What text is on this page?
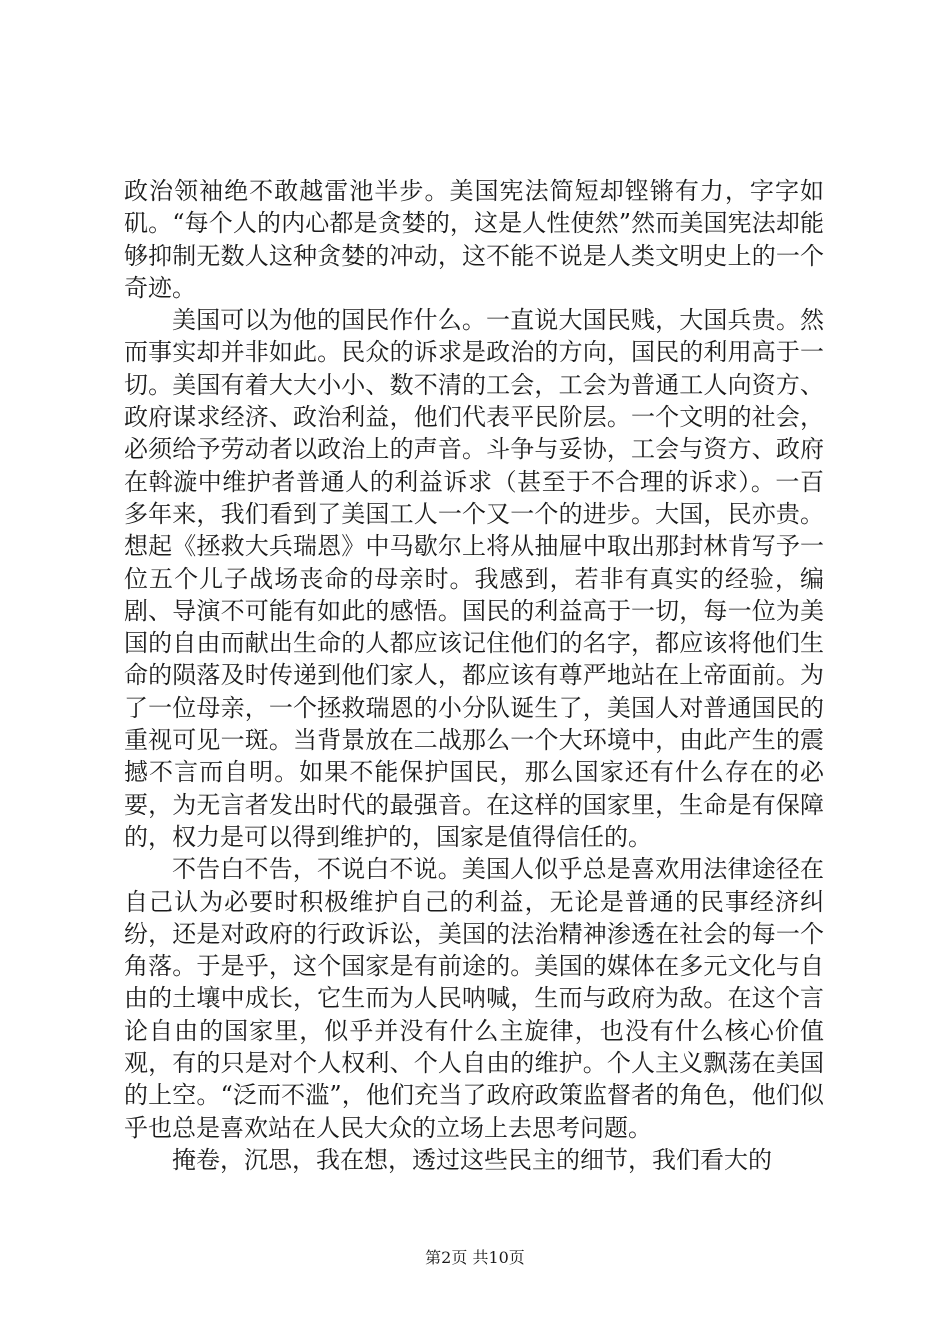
政治领袖绝不敢越雷池半步。美国宪法简短却铿锵有力，字字如矶。“每个人的内心都是贪婪的，这是人性使然”然而美国宪法却能够抑制无数人这种贪婪的冲动，这不能不说是人类文明史上的一个奇迹。

美国可以为他的国民作什么。一直说大国民贱，大国兵贵。然而事实却并非如此。民众的诉求是政治的方向，国民的利用高于一切。美国有着大大小小、数不清的工会，工会为普通工人向资方、政府谋求经济、政治利益，他们代表平民阶层。一个文明的社会，必须给予劳动者以政治上的声音。斗争与妥协，工会与资方、政府在斡漩中维护者普通人的利益诉求（甚至于不合理的诉求）。一百多年来，我们看到了美国工人一个又一个的进步。大国，民亦贵。想起《拯救大兵瑞恩》中马歇尔上将从抽屉中取出那封林肯写予一位五个儿子战场丧命的母亲时。我感到，若非有真实的经验，编剧、导演不可能有如此的感悟。国民的利益高于一切，每一位为美国的自由而献出生命的人都应该记住他们的名字，都应该将他们生命的陨落及时传递到他们家人，都应该有尊严地站在上帝面前。为了一位母亲，一个拯救瑞恩的小分队诞生了，美国人对普通国民的重视可见一斑。当背景放在二战那么一个大环境中，由此产生的震撼不言而自明。如果不能保护国民，那么国家还有什么存在的必要，为无言者发出时代的最强音。在这样的国家里，生命是有保障的，权力是可以得到维护的，国家是值得信任的。

不告白不告，不说白不说。美国人似乎总是喜欢用法律途径在自己认为必要时积极维护自己的利益，无论是普通的民事经济纠纷，还是对政府的行政诉讼，美国的法治精神渗透在社会的每一个角落。于是乎，这个国家是有前途的。美国的媒体在多元文化与自由的土壤中成长，它生而为人民呐喊，生而与政府为敌。在这个言论自由的国家里，似乎并没有什么主旋律，也没有什么核心价值观，有的只是对个人权利、个人自由的维护。个人主义飘荡在美国的上空。“泛而不滥”，他们充当了政府政策监督者的角色，他们似乎也总是喜欢站在人民大众的立场上去思考问题。

掩卷，沉思，我在想，透过这些民主的细节，我们看大的

第2页 共10页
